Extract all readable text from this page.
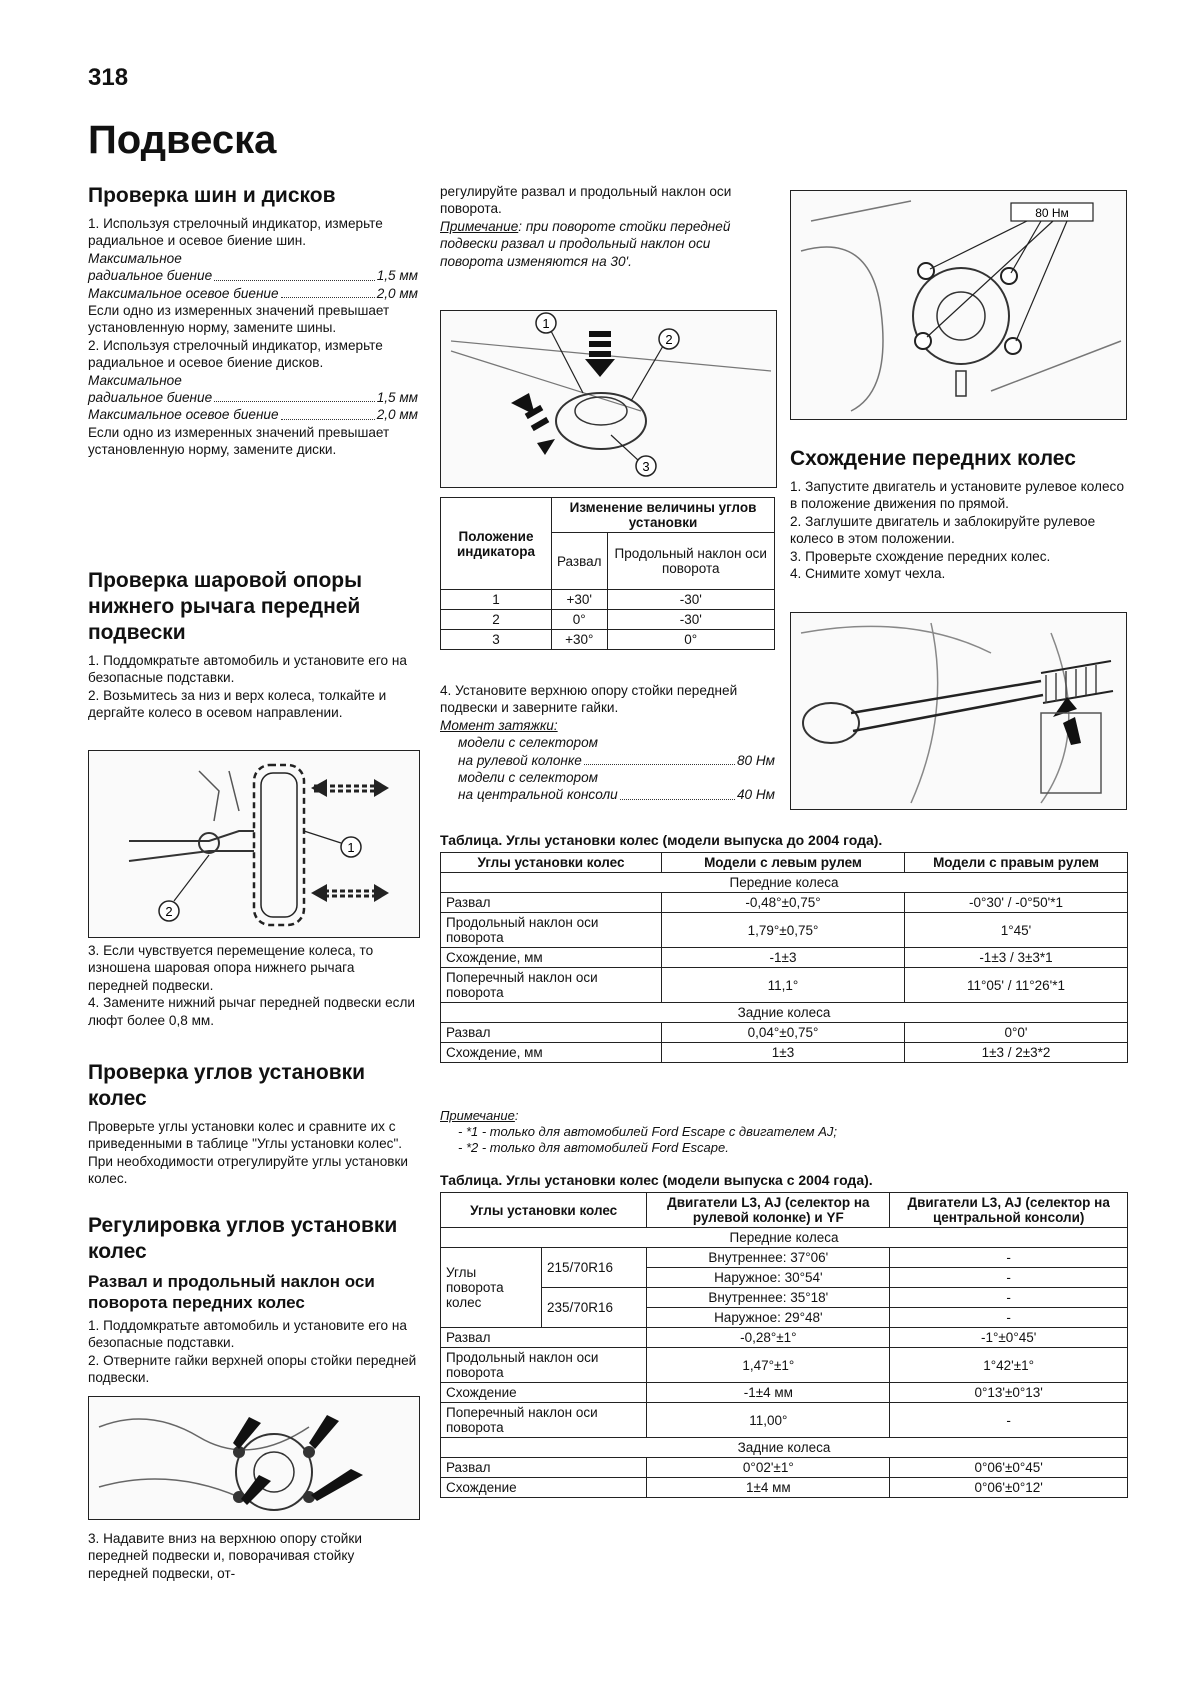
318
Подвеска
Проверка шин и дисков

1. Используя стрелочный индикатор, измерьте радиальное и осевое биение шин.

Максимальное

радиальное биение	1,5 мм
Максимальное осевое биение	2,0 мм

Если одно из измеренных значений превышает установленную норму, замените шины.

2. Используя стрелочный индикатор, измерьте радиальное и осевое биение дисков.

Максимальное

радиальное биение	1,5 мм
Максимальное осевое биение	2,0 мм

Если одно из измеренных значений превышает установленную норму, замените диски.

Проверка шаровой опоры нижнего рычага передней подвески

1. Поддомкратьте автомобиль и установите его на безопасные подставки.

2. Возьмитесь за низ и верх колеса, толкайте и дергайте колесо в осевом направлении.

1
2

3. Если чувствуется перемещение колеса, то изношена шаровая опора нижнего рычага передней подвески.

4. Замените нижний рычаг передней подвески если люфт более 0,8 мм.

Проверка углов установки колес

Проверьте углы установки колес и сравните их с приведенными в таблице "Углы установки колес". При необходимости отрегулируйте углы установки колес.

Регулировка углов установки колес
Развал и продольный наклон оси поворота передних колес

1. Поддомкратьте автомобиль и установите его на безопасные подставки.

2. Отверните гайки верхней опоры стойки передней подвески.

3. Надавите вниз на верхнюю опору стойки передней подвески и, поворачивая стойку передней подвески, от-

регулируйте развал и продольный наклон оси поворота.

Примечание: при повороте стойки передней подвески развал и продольный наклон оси поворота изменяются на 30'.

1
2
3
Положение индикатора	Изменение величины углов установки	
	Развал	Продольный наклон оси поворота
1	+30'	-30'
2	0°	-30'
3	+30°	0°

4. Установите верхнюю опору стойки передней подвески и заверните гайки.

Момент затяжки:

модели с селектором

на рулевой колонке	80 Нм

модели с селектором

на центральной консоли	40 Нм
80 Нм
Схождение передних колес

1. Запустите двигатель и установите рулевое колесо в положение движения по прямой.

2. Заглушите двигатель и заблокируйте рулевое колесо в этом положении.

3. Проверьте схождение передних колес.

4. Снимите хомут чехла.

Таблица. Углы установки колес (модели выпуска до 2004 года).
Углы установки колес	Модели с левым рулем	Модели с правым рулем
Передние колеса		
Развал	-0,48°±0,75°	-0°30' / -0°50'*1
Продольный наклон оси поворота	1,79°±0,75°	1°45'
Схождение, мм	-1±3	-1±3 / 3±3*1
Поперечный наклон оси поворота	11,1°	11°05' / 11°26'*1
Задние колеса		
Развал	0,04°±0,75°	0°0'
Схождение, мм	1±3	1±3 / 2±3*2

Примечание:

- *1 - только для автомобилей Ford Escape с двигателем AJ;

- *2 - только для автомобилей Ford Escape.

Таблица. Углы установки колес (модели выпуска с 2004 года).
Углы установки колес		Двигатели L3, AJ (селектор на рулевой колонке) и YF	Двигатели L3, AJ (селектор на центральной консоли)
Передние колеса			
Углы поворота колес	215/70R16	Внутреннее: 37°06'	-
		Наружное: 30°54'	-
	235/70R16	Внутреннее: 35°18'	-
		Наружное: 29°48'	-
Развал		-0,28°±1°	-1°±0°45'
Продольный наклон оси поворота		1,47°±1°	1°42'±1°
Схождение		-1±4 мм	0°13'±0°13'
Поперечный наклон оси поворота		11,00°	-
Задние колеса			
Развал		0°02'±1°	0°06'±0°45'
Схождение		1±4 мм	0°06'±0°12'
